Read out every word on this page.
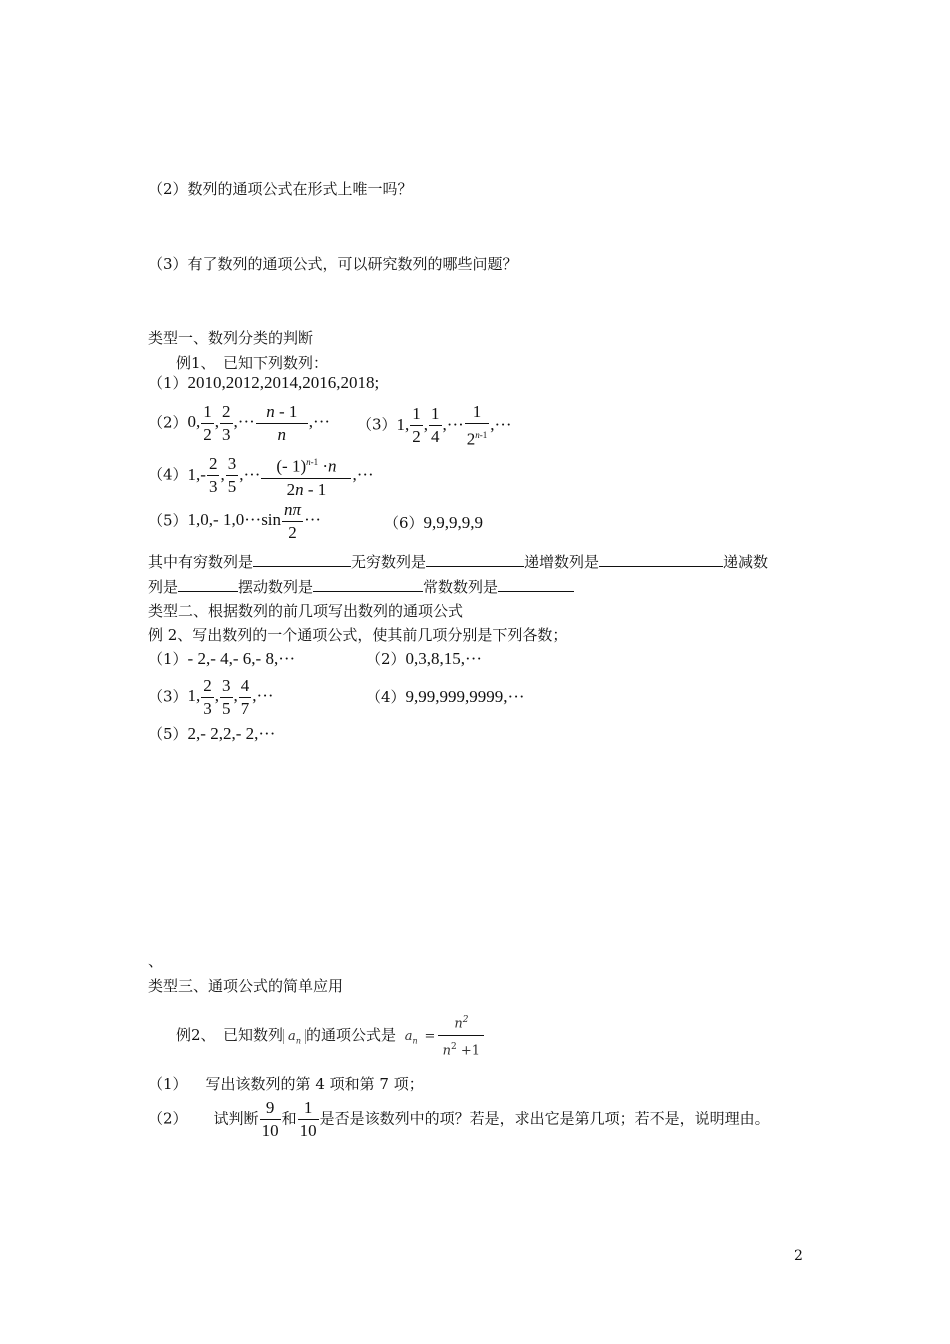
（2）数列的通项公式在形式上唯一吗？
（3）有了数列的通项公式，可以研究数列的哪些问题？
类型一、数列分类的判断
例1、　已知下列数列：
（1）2010,2012,2014,2016,2018;
（2）0, $\frac{1}{2}$ , $\frac{2}{3}$ ,··· $\frac{n - 1}{n}$ ,··· （3）1, $\frac{1}{2}$ , $\frac{1}{4}$ ,··· $\frac{1}{2^{n-1}}$ ,···
$(4)1,- \frac{2}{3}$ , $\frac{3}{5}$ ,··· $\frac{(- 1)^{n-1} \cdot n}{2n - 1}$ ,···
（5）1,0,- $1,0\cdot\cdot\cdot\sin \frac{n\pi}{2}$ ···	（6）9,9,9,9,9
其中有穷数列是	无穷数列是	递增数列是	递减数
列是	摆动数列是	常数数列是
类型二、根据数列的前几项写出数列的通项公式
例 2、写出数列的一个通项公式，使其前几项分别是下列各数；
（1）- 2,- 4,- 6,- 8,···	（2）0,3,8,15,···
（3）1, $\frac{2}{3}$ , $\frac{3}{5}$ , $\frac{4}{7}$ ,···	（4）9,99,999,9999,···
（5）2,- 2,2,- 2,···
、
类型三、通项公式的简单应用
例2、　已知数列 $a_n$ 的通项公式是 $a_n = \frac{n^2}{n^2 +1}$
（1） 写出该数列的第 4 项和第 7 项；
（2） 试判断 $\frac{9}{10}$ 和 $\frac{1}{10}$ 是否是该数列中的项？若是，求出它是第几项；若不是，说明理由。
2
